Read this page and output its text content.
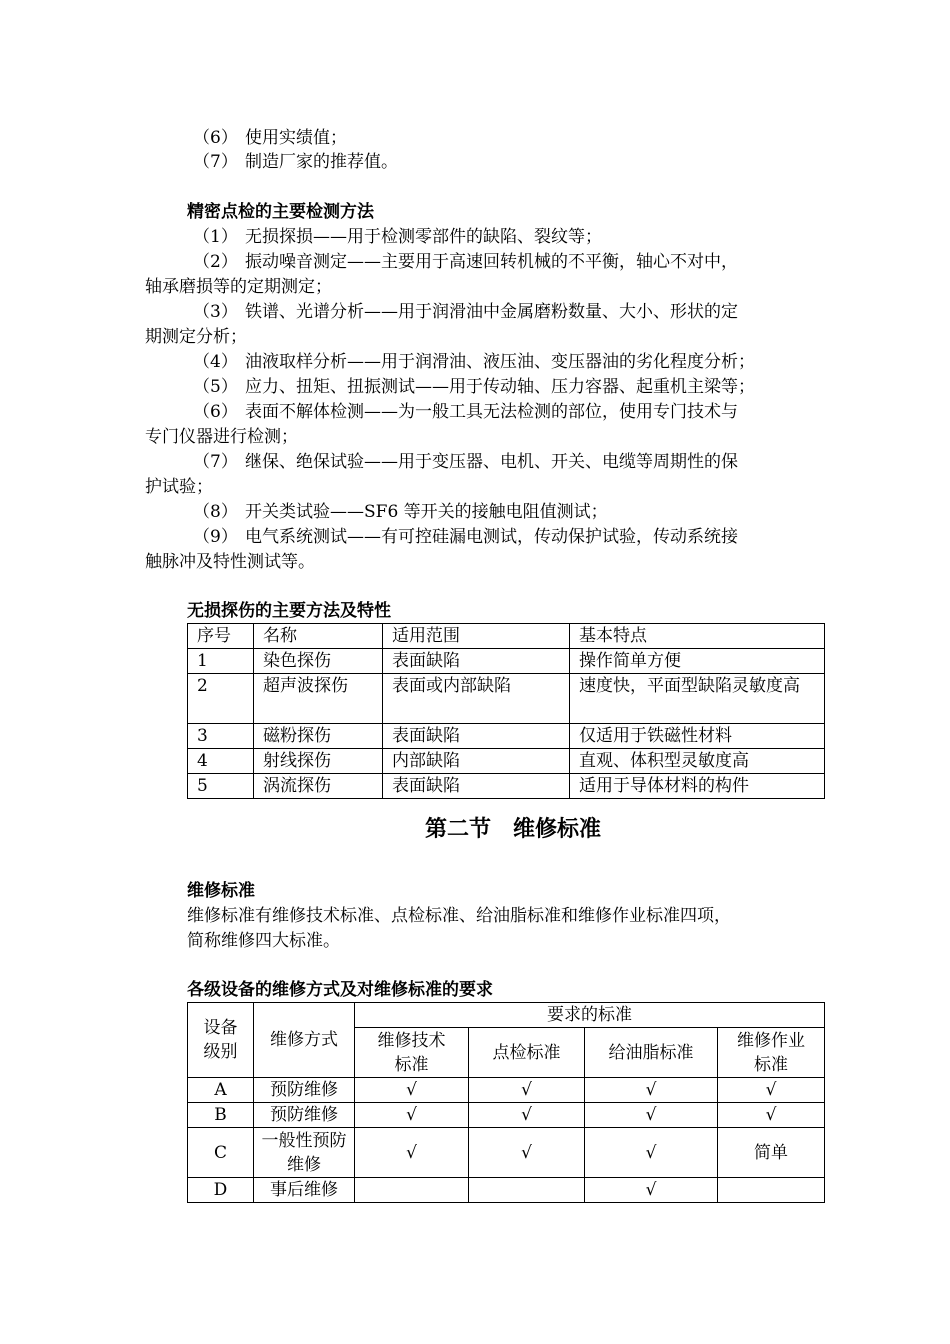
（6） 使用实绩值；
（7） 制造厂家的推荐值。
精密点检的主要检测方法
（1） 无损探损——用于检测零部件的缺陷、裂纹等；
（2） 振动噪音测定——主要用于高速回转机械的不平衡，轴心不对中，
轴承磨损等的定期测定；
（3） 铁谱、光谱分析——用于润滑油中金属磨粉数量、大小、形状的定
期测定分析；
（4） 油液取样分析——用于润滑油、液压油、变压器油的劣化程度分析；
（5） 应力、扭矩、扭振测试——用于传动轴、压力容器、起重机主梁等；
（6） 表面不解体检测——为一般工具无法检测的部位，使用专门技术与
专门仪器进行检测；
（7） 继保、绝保试验——用于变压器、电机、开关、电缆等周期性的保
护试验；
（8） 开关类试验——SF6 等开关的接触电阻值测试；
（9） 电气系统测试——有可控硅漏电测试，传动保护试验，传动系统接
触脉冲及特性测试等。
无损探伤的主要方法及特性
序号	名称	适用范围	基本特点
1	染色探伤	表面缺陷	操作简单方便
2	超声波探伤	表面或内部缺陷	速度快，平面型缺陷灵敏度高
3	磁粉探伤	表面缺陷	仅适用于铁磁性材料
4	射线探伤	内部缺陷	直观、体积型灵敏度高
5	涡流探伤	表面缺陷	适用于导体材料的构件
第二节　维修标准
维修标准
维修标准有维修技术标准、点检标准、给油脂标准和维修作业标准四项，
简称维修四大标准。
各级设备的维修方式及对维修标准的要求
设备级别	维修方式	要求的标准			

		维修技术标准	点检标准	给油脂标准	维修作业标准

A	预防维修	√	√	√	√
B	预防维修	√	√	√	√
C	一般性预防维修	√	√	√	简单
D	事后维修			√	
